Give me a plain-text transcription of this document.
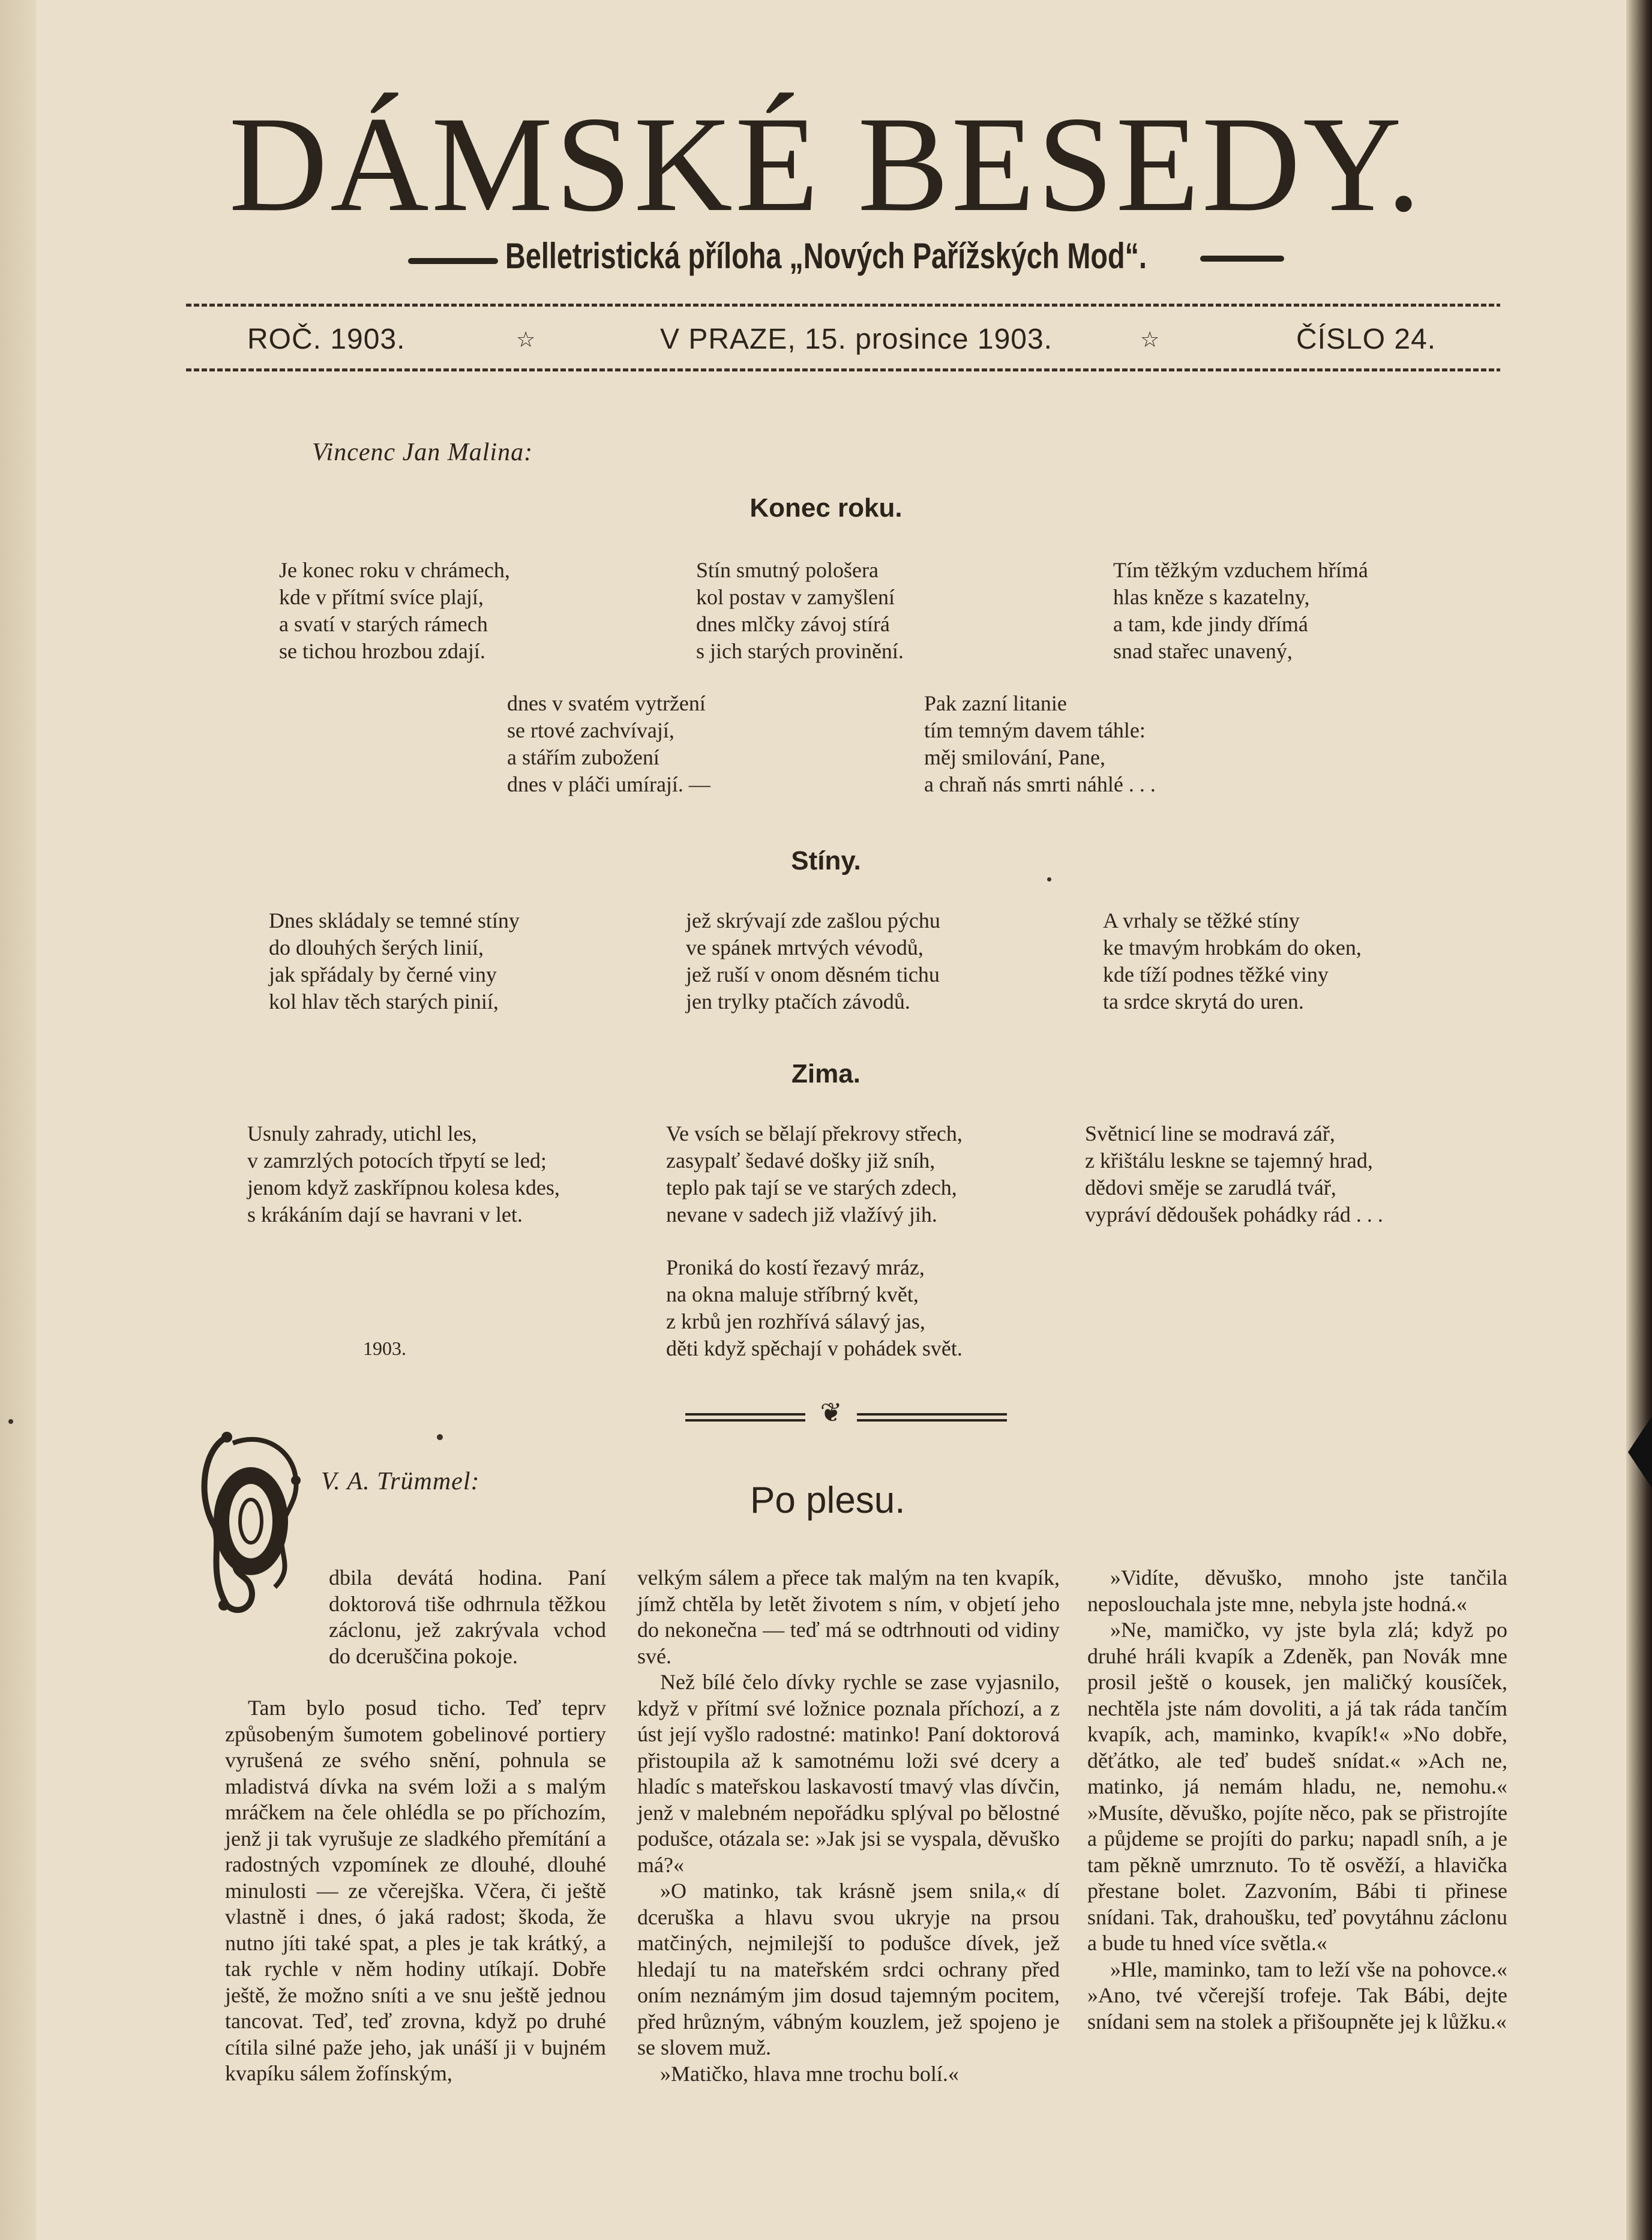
DÁMSKÉ BESEDY.
Belletristická příloha „Nových Pařížských Mod“.
ROČ. 1903.	☆	V PRAZE, 15. prosince 1903.	☆	ČÍSLO 24.
Vincenc Jan Malina:
Konec roku.
Je konec roku v chrámech,
kde v přítmí svíce plají,
a svatí v starých rámech
se tichou hrozbou zdají.
Stín smutný pološera
kol postav v zamyšlení
dnes mlčky závoj stírá
s jich starých provinění.
Tím těžkým vzduchem hřímá
hlas kněze s kazatelny,
a tam, kde jindy dřímá
snad stařec unavený,
dnes v svatém vytržení
se rtové zachvívají,
a stářím zubožení
dnes v pláči umírají. —
Pak zazní litanie
tím temným davem táhle:
měj smilování, Pane,
a chraň nás smrti náhlé . . .
Stíny.
Dnes skládaly se temné stíny
do dlouhých šerých linií,
jak spřádaly by černé viny
kol hlav těch starých pinií,
jež skrývají zde zašlou pýchu
ve spánek mrtvých vévodů,
jež ruší v onom děsném tichu
jen trylky ptačích závodů.
A vrhaly se těžké stíny
ke tmavým hrobkám do oken,
kde tíží podnes těžké viny
ta srdce skrytá do uren.
Zima.
Usnuly zahrady, utichl les,
v zamrzlých potocích třpytí se led;
jenom když zaskřípnou kolesa kdes,
s krákáním dají se havrani v let.
Ve vsích se bělají překrovy střech,
zasypalť šedavé došky již sníh,
teplo pak tají se ve starých zdech,
nevane v sadech již vlažívý jih.
Světnicí line se modravá zář,
z křištálu leskne se tajemný hrad,
dědovi směje se zarudlá tvář,
vypráví dědoušek pohádky rád . . .
Proniká do kostí řezavý mráz,
na okna maluje stříbrný květ,
z krbů jen rozhřívá sálavý jas,
děti když spěchají v pohádek svět.
1903.
❦
V. A. Trümmel:	Po plesu.

dbila devátá hodina. Paní doktorová tiše odhrnula těžkou záclonu, jež zakrývala vchod do dceruščina pokoje.

Tam bylo posud ticho. Teď teprv způsobeným šumotem gobelinové portiery vyrušená ze svého snění, pohnula se mladistvá dívka na svém loži a s malým mráčkem na čele ohlédla se po příchozím, jenž ji tak vyrušuje ze sladkého přemítání a radostných vzpomínek ze dlouhé, dlouhé minulosti — ze včerejška. Včera, či ještě vlastně i dnes, ó jaká radost; škoda, že nutno jíti také spat, a ples je tak krátký, a tak rychle v něm hodiny utíkají. Dobře ještě, že možno sníti a ve snu ještě jednou tancovat. Teď, teď zrovna, když po druhé cítila silné paže jeho, jak unáší ji v bujném kvapíku sálem žofínským,

velkým sálem a přece tak malým na ten kvapík, jímž chtěla by letět životem s ním, v objetí jeho do nekonečna — teď má se odtrhnouti od vidiny své.

Než bílé čelo dívky rychle se zase vyjasnilo, když v přítmí své ložnice poznala příchozí, a z úst její vyšlo radostné: matinko! Paní doktorová přistoupila až k samotnému loži své dcery a hladíc s mateřskou laskavostí tmavý vlas dívčin, jenž v malebném nepořádku splýval po bělostné podušce, otázala se: »Jak jsi se vyspala, děvuško má?«

»O matinko, tak krásně jsem snila,« dí dceruška a hlavu svou ukryje na prsou matčiných, nejmilejší to podušce dívek, jež hledají tu na mateřském srdci ochrany před oním neznámým jim dosud tajemným pocitem, před hrůzným, vábným kouzlem, jež spojeno je se slovem muž.

»Matičko, hlava mne trochu bolí.«

»Vidíte, děvuško, mnoho jste tančila neposlouchala jste mne, nebyla jste hodná.«

»Ne, mamičko, vy jste byla zlá; když po druhé hráli kvapík a Zdeněk, pan Novák mne prosil ještě o kousek, jen maličký kousíček, nechtěla jste nám dovoliti, a já tak ráda tančím kvapík, ach, maminko, kvapík!« »No dobře, děťátko, ale teď budeš snídat.« »Ach ne, matinko, já nemám hladu, ne, nemohu.« »Musíte, děvuško, pojíte něco, pak se přistrojíte a půjdeme se projíti do parku; napadl sníh, a je tam pěkně umrznuto. To tě osvěží, a hlavička přestane bolet. Zazvoním, Bábi ti přinese snídani. Tak, drahoušku, teď povytáhnu záclonu a bude tu hned více světla.«

»Hle, maminko, tam to leží vše na pohovce.« »Ano, tvé včerejší trofeje. Tak Bábi, dejte snídani sem na stolek a přišoupněte jej k lůžku.«
